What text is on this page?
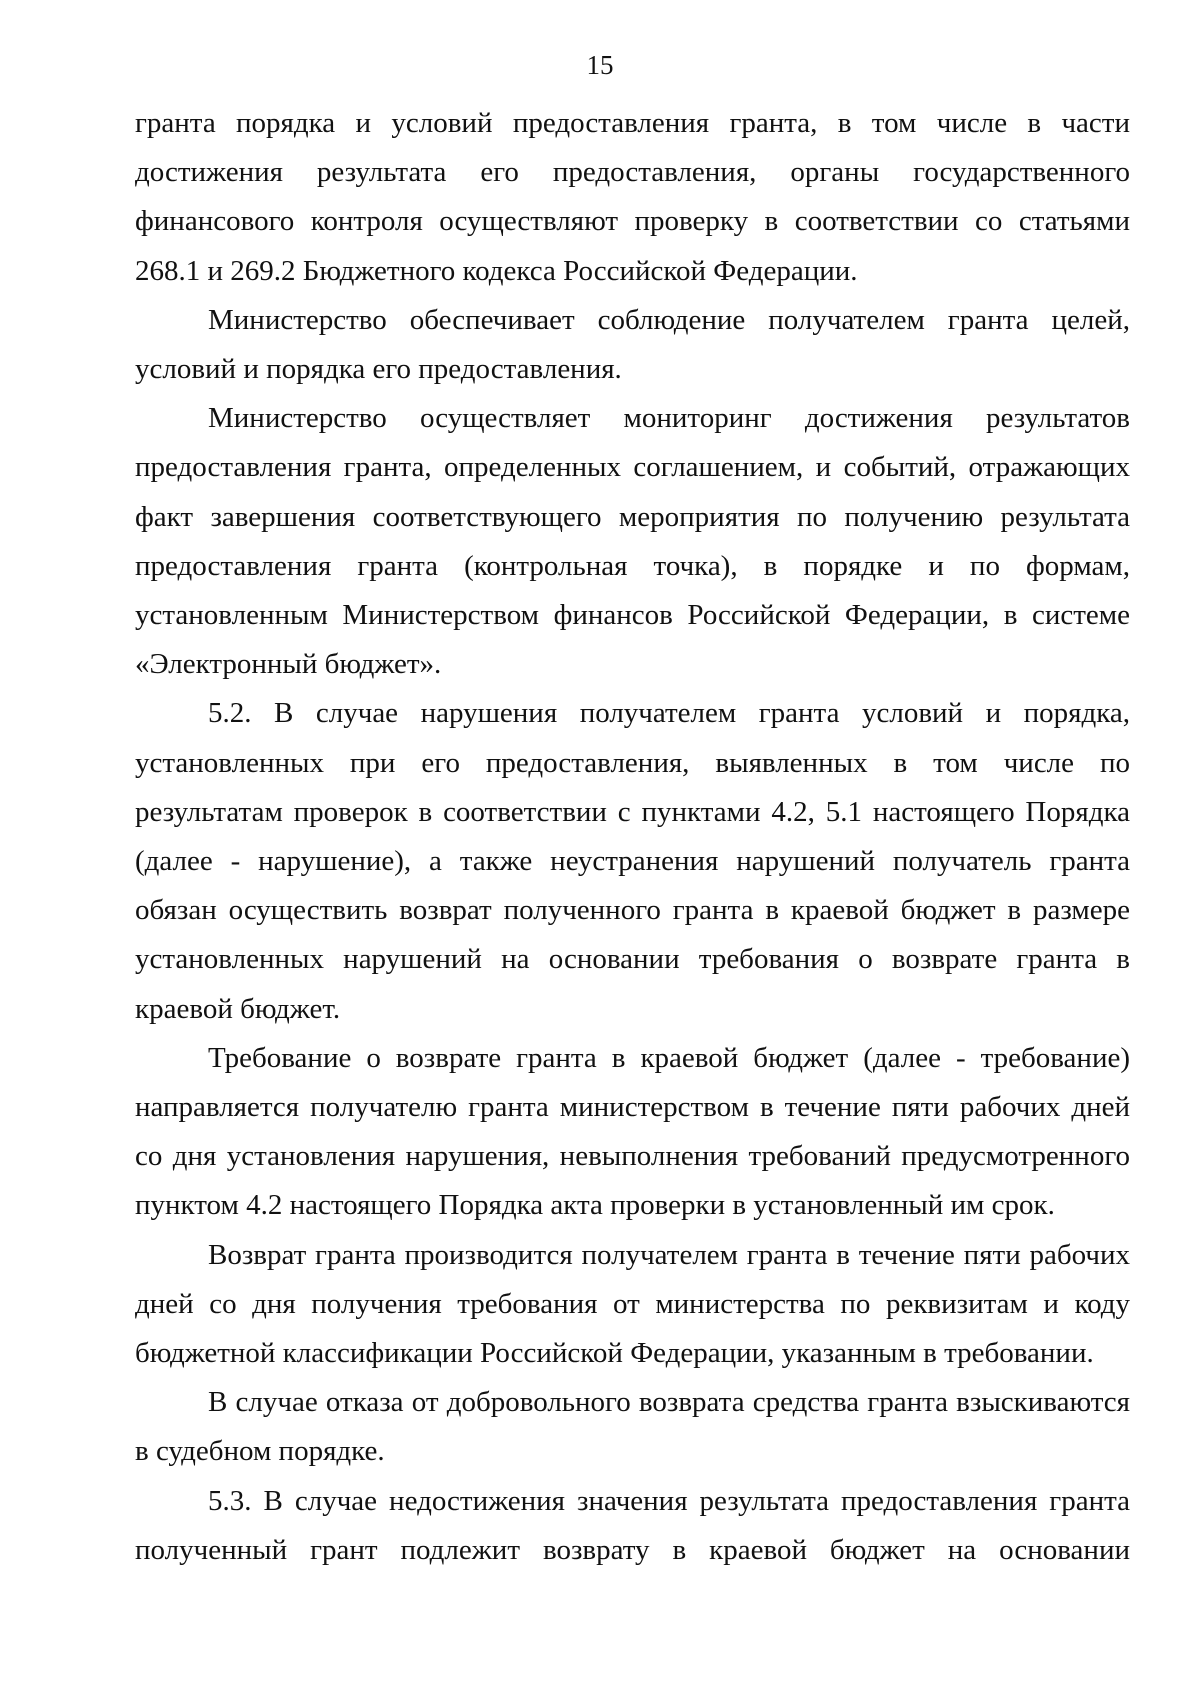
15

гранта порядка и условий предоставления гранта, в том числе в части достижения результата его предоставления, органы государственного финансового контроля осуществляют проверку в соответствии со статьями 268.1 и 269.2 Бюджетного кодекса Российской Федерации.

Министерство обеспечивает соблюдение получателем гранта целей, условий и порядка его предоставления.

Министерство осуществляет мониторинг достижения результатов предоставления гранта, определенных соглашением, и событий, отражающих факт завершения соответствующего мероприятия по получению результата предоставления гранта (контрольная точка), в порядке и по формам, установленным Министерством финансов Российской Федерации, в системе «Электронный бюджет».

5.2. В случае нарушения получателем гранта условий и порядка, установленных при его предоставления, выявленных в том числе по результатам проверок в соответствии с пунктами 4.2, 5.1 настоящего Порядка (далее - нарушение), а также неустранения нарушений получатель гранта обязан осуществить возврат полученного гранта в краевой бюджет в размере установленных нарушений на основании требования о возврате гранта в краевой бюджет.

Требование о возврате гранта в краевой бюджет (далее - требование) направляется получателю гранта министерством в течение пяти рабочих дней со дня установления нарушения, невыполнения требований предусмотренного пунктом 4.2 настоящего Порядка акта проверки в установленный им срок.

Возврат гранта производится получателем гранта в течение пяти рабочих дней со дня получения требования от министерства по реквизитам и коду бюджетной классификации Российской Федерации, указанным в требовании.

В случае отказа от добровольного возврата средства гранта взыскиваются в судебном порядке.

5.3. В случае недостижения значения результата предоставления гранта полученный грант подлежит возврату в краевой бюджет на основании
